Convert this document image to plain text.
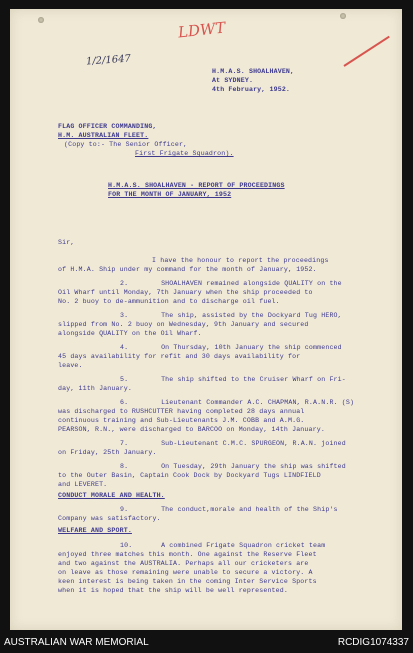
LDWT
1/2/1647
H.M.A.S. SHOALHAVEN,
At SYDNEY.
4th February, 1952.
FLAG OFFICER COMMANDING,
H.M. AUSTRALIAN FLEET.
(Copy to:- The Senior Officer,
First Frigate Squadron).
H.M.A.S. SHOALHAVEN - REPORT OF PROCEEDINGS
FOR THE MONTH OF JANUARY, 1952
Sir,
I have the honour to report the proceedings
of H.M.A. Ship under my command for the month of January, 1952.
2.        SHOALHAVEN remained alongside QUALITY on the
Oil Wharf until Monday, 7th January when the ship proceeded to
No. 2 buoy to de-ammunition and to discharge oil fuel.
3.        The ship, assisted by the Dockyard Tug HERO,
slipped from No. 2 buoy on Wednesday, 9th January and secured
alongside QUALITY on the Oil Wharf.
4.        On Thursday, 10th January the ship commenced
45 days availability for refit and 30 days availability for
leave.
5.        The ship shifted to the Cruiser Wharf on Fri-
day, 11th January.
6.        Lieutenant Commander A.C. CHAPMAN, R.A.N.R. (S)
was discharged to RUSHCUTTER having completed 28 days annual
continuous training and Sub-Lieutenants J.M. COBB and A.M.G.
PEARSON, R.N., were discharged to BARCOO on Monday, 14th January.
7.        Sub-Lieutenant C.M.C. SPURGEON, R.A.N. joined
on Friday, 25th January.
8.        On Tuesday, 29th January the ship was shifted
to the Outer Basin, Captain Cook Dock by Dockyard Tugs LINDFIELD
and LEVERET.
CONDUCT MORALE AND HEALTH.
9.        The conduct,morale and health of the Ship's
Company was satisfactory.
WELFARE AND SPORT.
10.       A combined Frigate Squadron cricket team
enjoyed three matches this month. One against the Reserve Fleet
and two against the AUSTRALIA. Perhaps all our cricketers are
on leave as those remaining were unable to secure a victory. A
keen interest is being taken in the coming Inter Service Sports
when it is hoped that the ship will be well represented.
AUSTRALIAN WAR MEMORIAL	RCDIG1074337
